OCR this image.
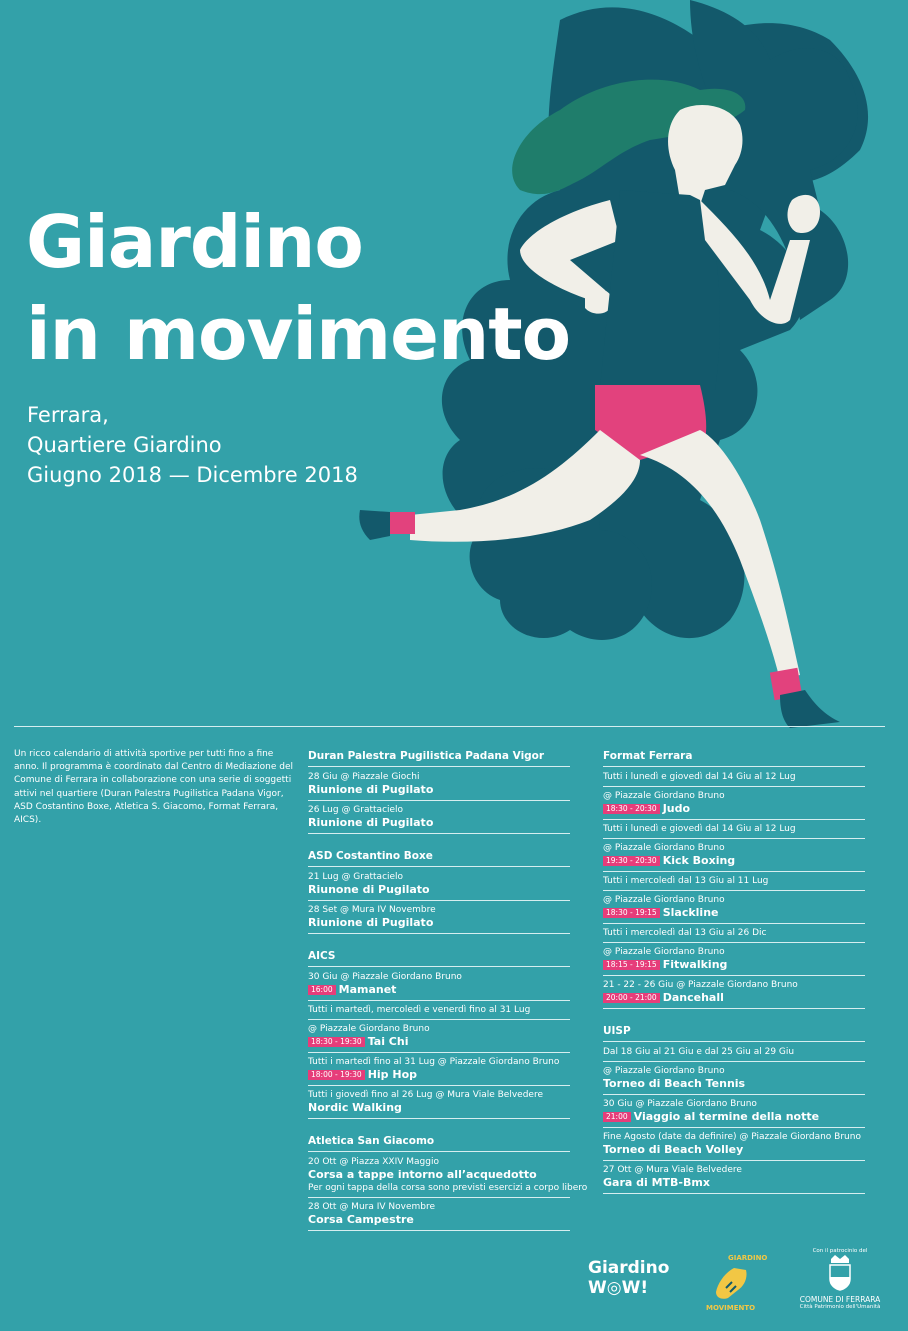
Giardino
in movimento
Ferrara,
Quartiere Giardino
Giugno 2018 — Dicembre 2018
Un ricco calendario di attività sportive per tutti fino a fine anno. Il programma è coordinato dal Centro di Mediazione del Comune di Ferrara in collaborazione con una serie di soggetti attivi nel quartiere (Duran Palestra Pugilistica Padana Vigor, ASD Costantino Boxe, Atletica S. Giacomo, Format Ferrara, AICS).
Duran Palestra Pugilistica Padana Vigor
28 Giu @ Piazzale Giochi
Riunione di Pugilato
26 Lug @ Grattacielo
Riunione di Pugilato
ASD Costantino Boxe
21 Lug @ Grattacielo
Riunone di Pugilato
28 Set @ Mura IV Novembre
Riunione di Pugilato
AICS
30 Giu @ Piazzale Giordano Bruno
16:00 Mamanet
Tutti i martedì, mercoledì e venerdì fino al 31 Lug
@ Piazzale Giordano Bruno
18:30 - 19:30 Tai Chi
Tutti i martedì fino al 31 Lug @ Piazzale Giordano Bruno
18:00 - 19:30 Hip Hop
Tutti i giovedì fino al 26 Lug @ Mura Viale Belvedere
Nordic Walking
Atletica San Giacomo
20 Ott @ Piazza XXIV Maggio
Corsa a tappe intorno all’acquedotto
Per ogni tappa della corsa sono previsti esercizi a corpo libero
28 Ott @ Mura IV Novembre
Corsa Campestre
Format Ferrara
Tutti i lunedì e giovedì dal 14 Giu al 12 Lug
@ Piazzale Giordano Bruno
18:30 - 20:30 Judo
Tutti i lunedì e giovedì dal 14 Giu al 12 Lug
@ Piazzale Giordano Bruno
19:30 - 20:30 Kick Boxing
Tutti i mercoledì dal 13 Giu al 11 Lug
@ Piazzale Giordano Bruno
18:30 - 19:15 Slackline
Tutti i mercoledì dal 13 Giu al 26 Dic
@ Piazzale Giordano Bruno
18:15 - 19:15 Fitwalking
21 - 22 - 26 Giu @ Piazzale Giordano Bruno
20:00 - 21:00 Dancehall
UISP
Dal 18 Giu al 21 Giu e dal 25 Giu al 29 Giu
@ Piazzale Giordano Bruno
Torneo di Beach Tennis
30 Giu @ Piazzale Giordano Bruno
21:00 Viaggio al termine della notte
Fine Agosto (date da definire) @ Piazzale Giordano Bruno
Torneo di Beach Volley
27 Ott @ Mura Viale Belvedere
Gara di MTB-Bmx
Giardino
W◎W!
GIARDINO
MOVIMENTO
Con il patrocinio del
COMUNE DI FERRARA
Città Patrimonio dell'Umanità
